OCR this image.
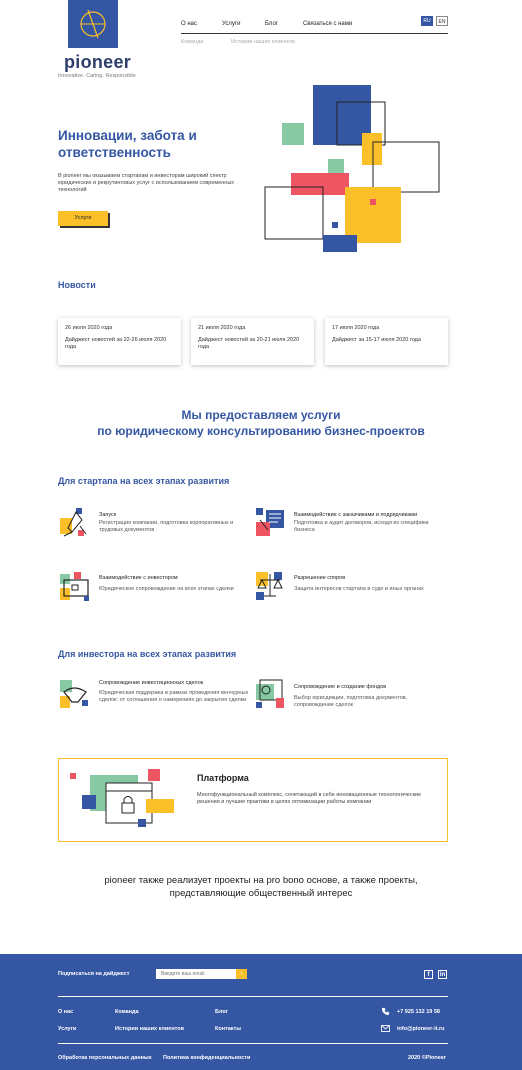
pioneer
Innovative. Caring. Responsible
О нас	Услуги	Блог	Связаться с нами
Команда	Истории наших клиентов
RU	EN
Инновации, забота и ответственность
В pioneer мы оказываем стартапам и инвесторам широкий спектр юридических и рекрутинговых услуг с использованием современных технологий
Услуги
Новости
26 июля 2020 года
Дайджест новостей за 22-26 июля 2020 года
21 июля 2020 года
Дайджест новостей за 20-21 июля 2020 года
17 июля 2020 года
Дайджест за 15-17 июля 2020 года
Мы предоставляем услуги
по юридическому консультированию бизнес-проектов
Для стартапа на всех этапах развития
Запуск
Регистрация компании, подготовка корпоративных и трудовых документов
Взаимодействие с заказчиками и подрядчиками
Подготовка и аудит договоров, исходя из специфики бизнеса
Взаимодействие с инвестором
Юридическое сопровождение на всех этапах сделки
Разрешение споров
Защита интересов стартапа в суде и иных органах
Для инвестора на всех этапах развития
Сопровождение инвестиционных сделок
Юридическая поддержка в рамках проведения венчурных сделок: от соглашения о намерениях до закрытия сделки
Сопровождение и создание фондов
Выбор юрисдикции, подготовка документов, сопровождение сделок
Платформа
Многофункциональный комплекс, сочетающий в себе инновационные технологические решения и лучшие практики в целях оптимизации работы компании
pioneer также реализует проекты на pro bono основе, а также проекты,
представляющие общественный интерес
Подписаться на дайджест
Введите ваш email	›	f	in
О нас
Услуги
Команда
Истории наших клиентов
Блог
Контакты
+7 925 132 19 58
info@pioneer-it.ru
Обработка персональных данных Политика конфиденциальности	2020 ©Pioneer
